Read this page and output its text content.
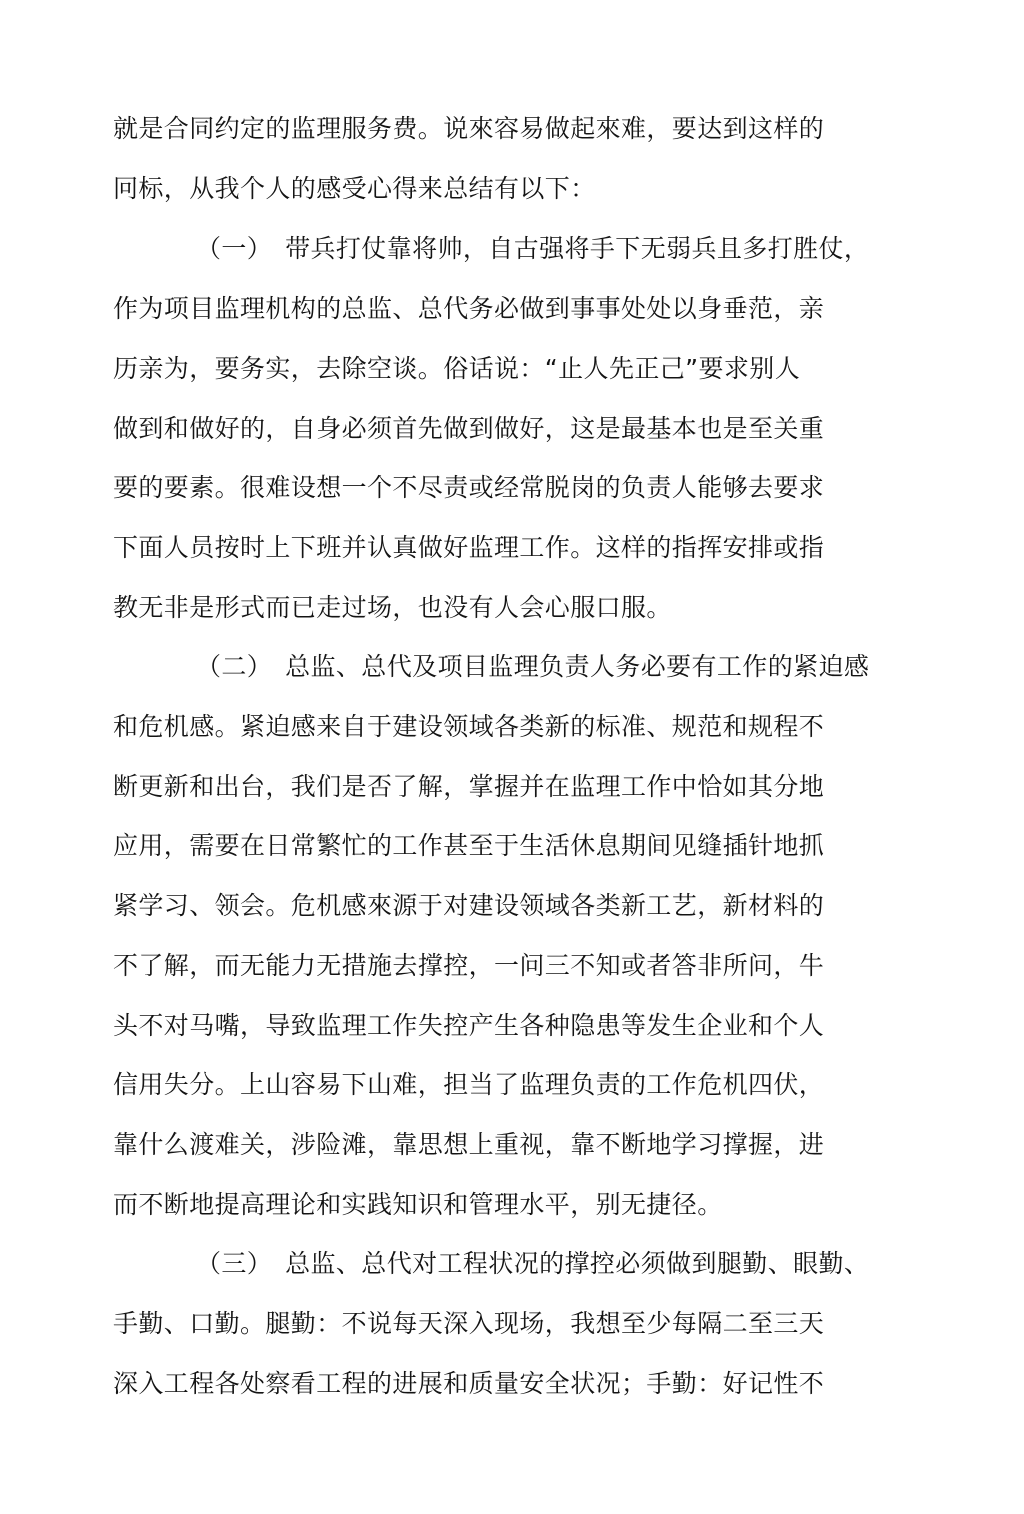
就是合同约定的监理服务费。说來容易做起來难，要达到这样的
冋标，从我个人的感受心得来总结有以下：
（一）　带兵打仗靠将帅，自古强将手下无弱兵且多打胜仗，
作为项目监理机构的总监、总代务必做到事事处处以身垂范，亲
历亲为，要务实，去除空谈。俗话说：“止人先正己”要求别人
做到和做好的，自身必须首先做到做好，这是最基本也是至关重
要的要素。很难设想一个不尽责或经常脱岗的负责人能够去要求
下面人员按时上下班并认真做好监理工作。这样的指挥安排或指
教无非是形式而已走过场，也没有人会心服口服。
（二）　总监、总代及项目监理负责人务必要有工作的紧迫感
和危机感。紧迫感来自于建设领域各类新的标准、规范和规程不
断更新和出台，我们是否了解，掌握并在监理工作中恰如其分地
应用，需要在日常繁忙的工作甚至于生活休息期间见缝插针地抓
紧学习、领会。危机感來源于对建设领域各类新工艺，新材料的
不了解，而无能力无措施去撑控，一问三不知或者答非所问，牛
头不对马嘴，导致监理工作失控产生各种隐患等发生企业和个人
信用失分。上山容易下山难，担当了监理负责的工作危机四伏，
靠什么渡难关，涉险滩，靠思想上重视，靠不断地学习撑握，进
而不断地提高理论和实践知识和管理水平，别无捷径。
（三）　总监、总代对工程状况的撑控必须做到腿勤、眼勤、
手勤、口勤。腿勤：不说每天深入现场，我想至少每隔二至三天
深入工程各处察看工程的进展和质量安全状况；手勤：好记性不
